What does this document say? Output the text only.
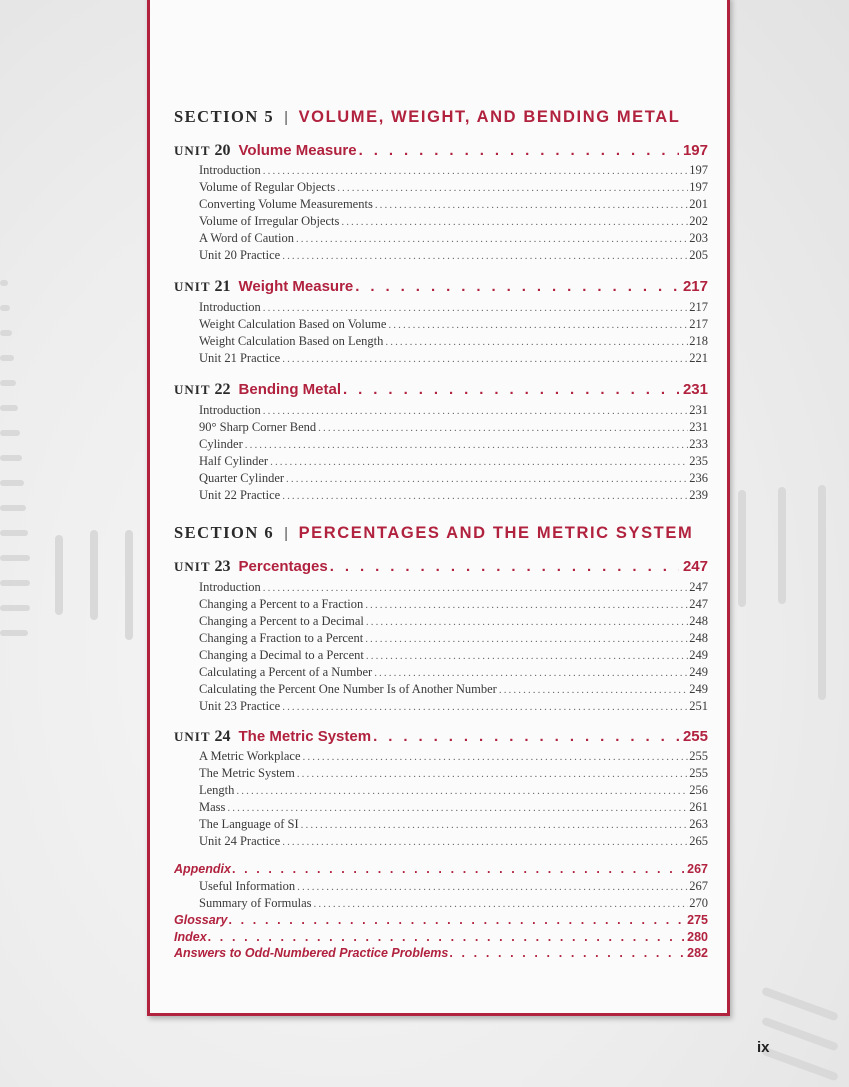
SECTION 5 | VOLUME, WEIGHT, AND BENDING METAL
UNIT 20 Volume Measure . . .	197
Introduction .....	197
Volume of Regular Objects .....	197
Converting Volume Measurements .....	201
Volume of Irregular Objects .....	202
A Word of Caution .....	203
Unit 20 Practice .....	205
UNIT 21 Weight Measure . . .	217
Introduction .....	217
Weight Calculation Based on Volume .....	217
Weight Calculation Based on Length .....	218
Unit 21 Practice .....	221
UNIT 22 Bending Metal . . .	231
Introduction .....	231
90° Sharp Corner Bend .....	231
Cylinder .....	233
Half Cylinder .....	235
Quarter Cylinder .....	236
Unit 22 Practice .....	239
SECTION 6 | PERCENTAGES AND THE METRIC SYSTEM
UNIT 23 Percentages . . .	247
Introduction .....	247
Changing a Percent to a Fraction .....	247
Changing a Percent to a Decimal .....	248
Changing a Fraction to a Percent .....	248
Changing a Decimal to a Percent .....	249
Calculating a Percent of a Number .....	249
Calculating the Percent One Number Is of Another Number .....	249
Unit 23 Practice .....	251
UNIT 24 The Metric System . . .	255
A Metric Workplace .....	255
The Metric System .....	255
Length .....	256
Mass .....	261
The Language of SI .....	263
Unit 24 Practice .....	265
Appendix . . .	267
Useful Information .....	267
Summary of Formulas .....	270
Glossary . . .	275
Index . . .	280
Answers to Odd-Numbered Practice Problems . . .	282
ix
